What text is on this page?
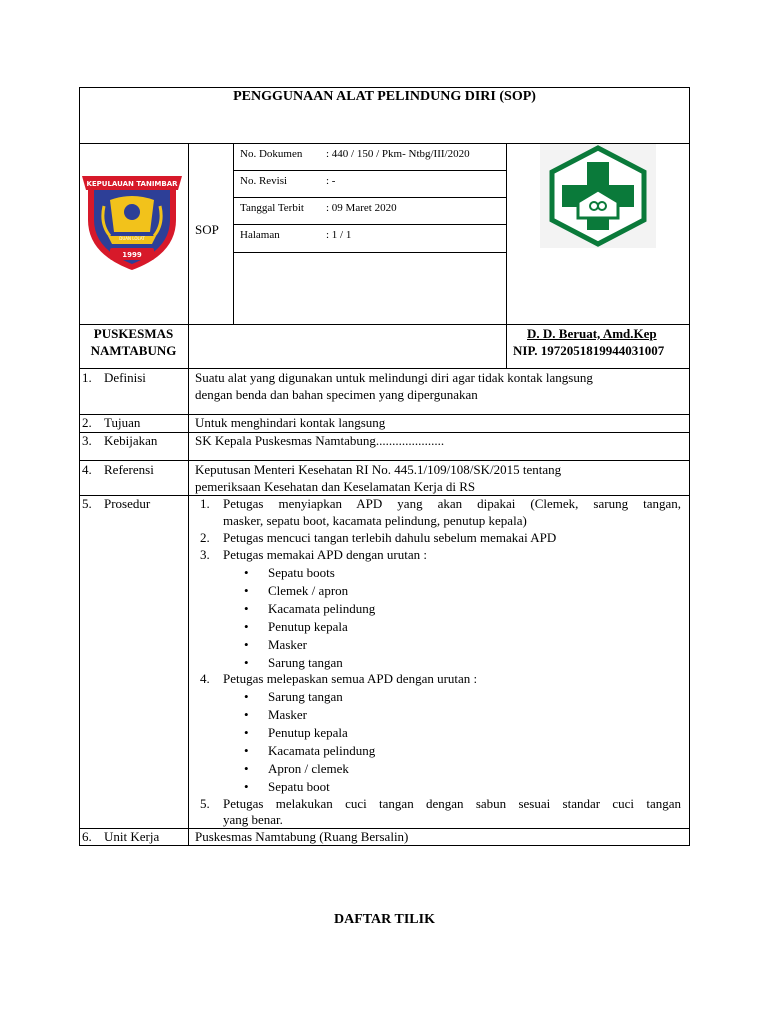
PENGGUNAAN ALAT PELINDUNG DIRI (SOP)
KEPULAUAN TANIMBAR
1999
DUAN LOLAT
SOP
No. Dokumen : 440 / 150 / Pkm- Ntbg/III/2020
No. Revisi	: -
Tanggal Terbit : 09 Maret 2020
Halaman	: 1 / 1
PUSKESMAS
NAMTABUNG
D. D. Beruat, Amd.Kep
NIP. 197205181994403100​7
1. Definisi	Suatu alat yang digunakan untuk melindungi diri agar tidak kontak langsung
dengan benda dan bahan specimen yang dipergunakan
2. Tujuan	Untuk menghindari kontak langsung
3. Kebijakan	SK Kepala Puskesmas Namtabung.....................
4. Referensi	Keputusan Menteri Kesehatan RI No. 445.1/109/108/SK/2015 tentang
pemeriksaan Kesehatan dan Keselamatan Kerja di RS
5. Prosedur	1. Petugas menyiapkan APD yang akan dipakai (Clemek, sarung tangan,
masker, sepatu boot, kacamata pelindung, penutup kepala)
2. Petugas mencuci tangan terlebih dahulu sebelum memakai APD
3. Petugas memakai APD dengan urutan :
• Sepatu boots
• Clemek / apron
• Kacamata pelindung
• Penutup kepala
• Masker
• Sarung tangan
4. Petugas melepaskan semua APD dengan urutan :
• Sarung tangan
• Masker
• Penutup kepala
• Kacamata pelindung
• Apron / clemek
• Sepatu boot
5. Petugas melakukan cuci tangan dengan sabun sesuai standar cuci tangan
yang benar.
6. Unit Kerja	Puskesmas Namtabung (Ruang Bersalin)
DAFTAR TILIK
